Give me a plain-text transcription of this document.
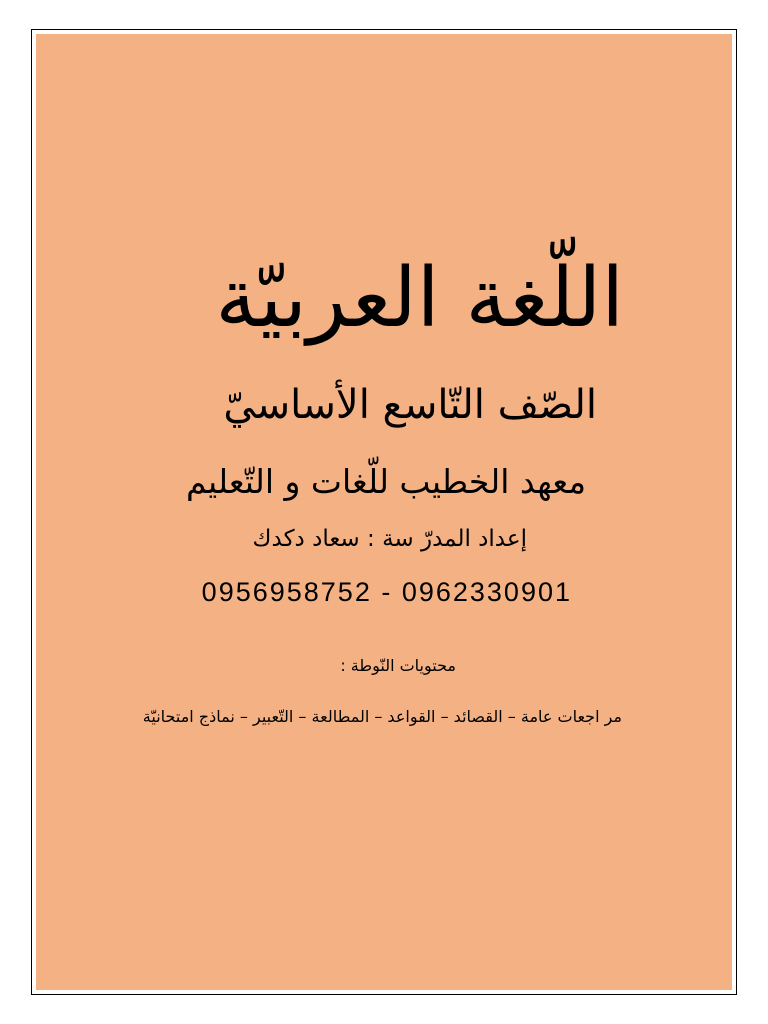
اللّغة العربيّة
الصّف التّاسع الأساسيّ
معهد الخطيب للّغات و التّعليم
إعداد المدرّ سة : سعاد دكدك
0956958752 - 0962330901
محتويات النّوطة :
مر اجعات عامة – القصائد – القواعد – المطالعة – التّعبير – نماذج امتحانيّة
